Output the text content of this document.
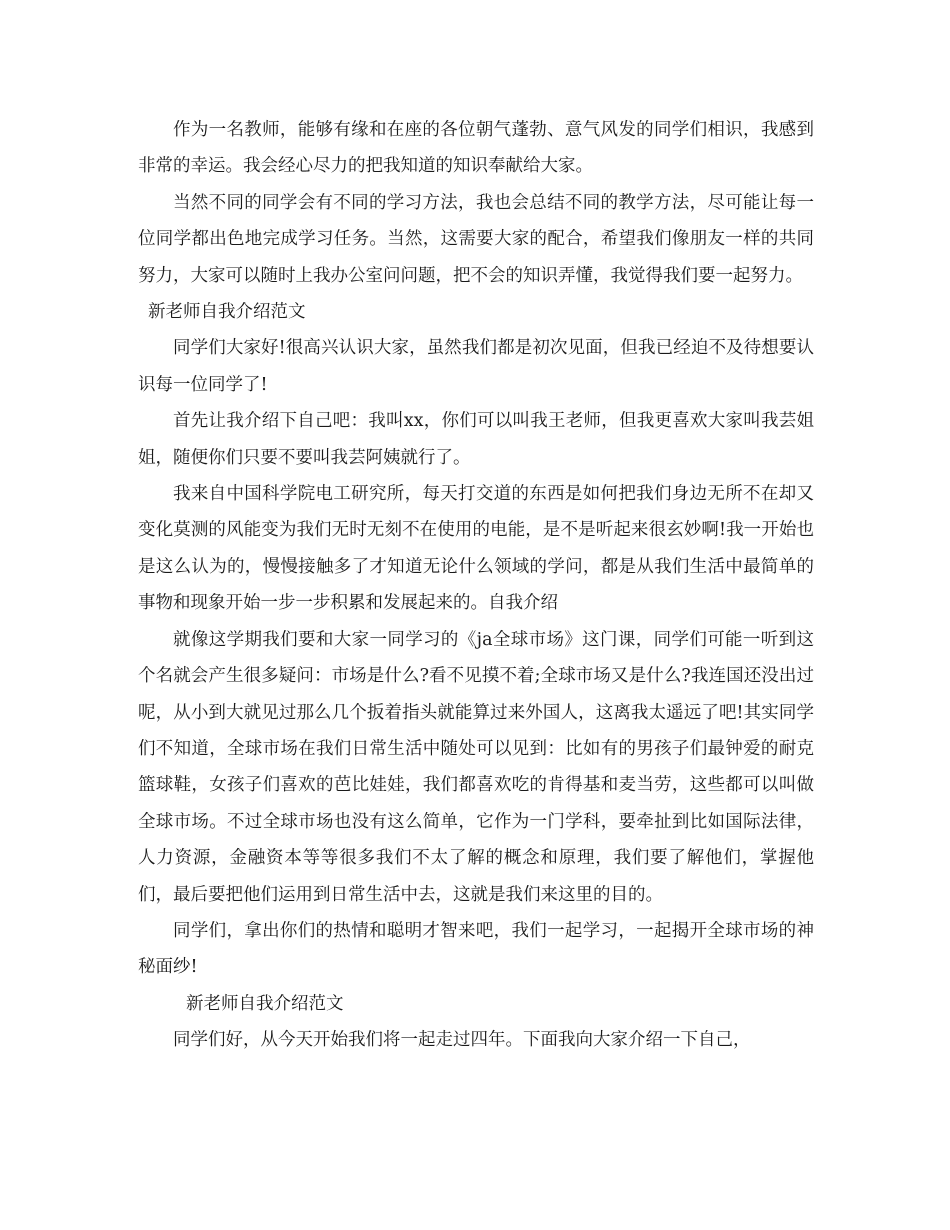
作为一名教师，能够有缘和在座的各位朝气蓬勃、意气风发的同学们相识，我感到非常的幸运。我会经心尽力的把我知道的知识奉献给大家。

当然不同的同学会有不同的学习方法，我也会总结不同的教学方法，尽可能让每一位同学都出色地完成学习任务。当然，这需要大家的配合，希望我们像朋友一样的共同努力，大家可以随时上我办公室问问题，把不会的知识弄懂，我觉得我们要一起努力。

新老师自我介绍范文

同学们大家好!很高兴认识大家，虽然我们都是初次见面，但我已经迫不及待想要认识每一位同学了!

首先让我介绍下自己吧：我叫xx，你们可以叫我王老师，但我更喜欢大家叫我芸姐姐，随便你们只要不要叫我芸阿姨就行了。

我来自中国科学院电工研究所，每天打交道的东西是如何把我们身边无所不在却又变化莫测的风能变为我们无时无刻不在使用的电能，是不是听起来很玄妙啊!我一开始也是这么认为的，慢慢接触多了才知道无论什么领域的学问，都是从我们生活中最简单的事物和现象开始一步一步积累和发展起来的。自我介绍

就像这学期我们要和大家一同学习的《ja全球市场》这门课，同学们可能一听到这个名就会产生很多疑问：市场是什么?看不见摸不着;全球市场又是什么?我连国还没出过呢，从小到大就见过那么几个扳着指头就能算过来外国人，这离我太遥远了吧!其实同学们不知道，全球市场在我们日常生活中随处可以见到：比如有的男孩子们最钟爱的耐克篮球鞋，女孩子们喜欢的芭比娃娃，我们都喜欢吃的肯得基和麦当劳，这些都可以叫做全球市场。不过全球市场也没有这么简单，它作为一门学科，要牵扯到比如国际法律，人力资源，金融资本等等很多我们不太了解的概念和原理，我们要了解他们，掌握他们，最后要把他们运用到日常生活中去，这就是我们来这里的目的。

同学们，拿出你们的热情和聪明才智来吧，我们一起学习，一起揭开全球市场的神秘面纱!

新老师自我介绍范文

同学们好，从今天开始我们将一起走过四年。下面我向大家介绍一下自己，
